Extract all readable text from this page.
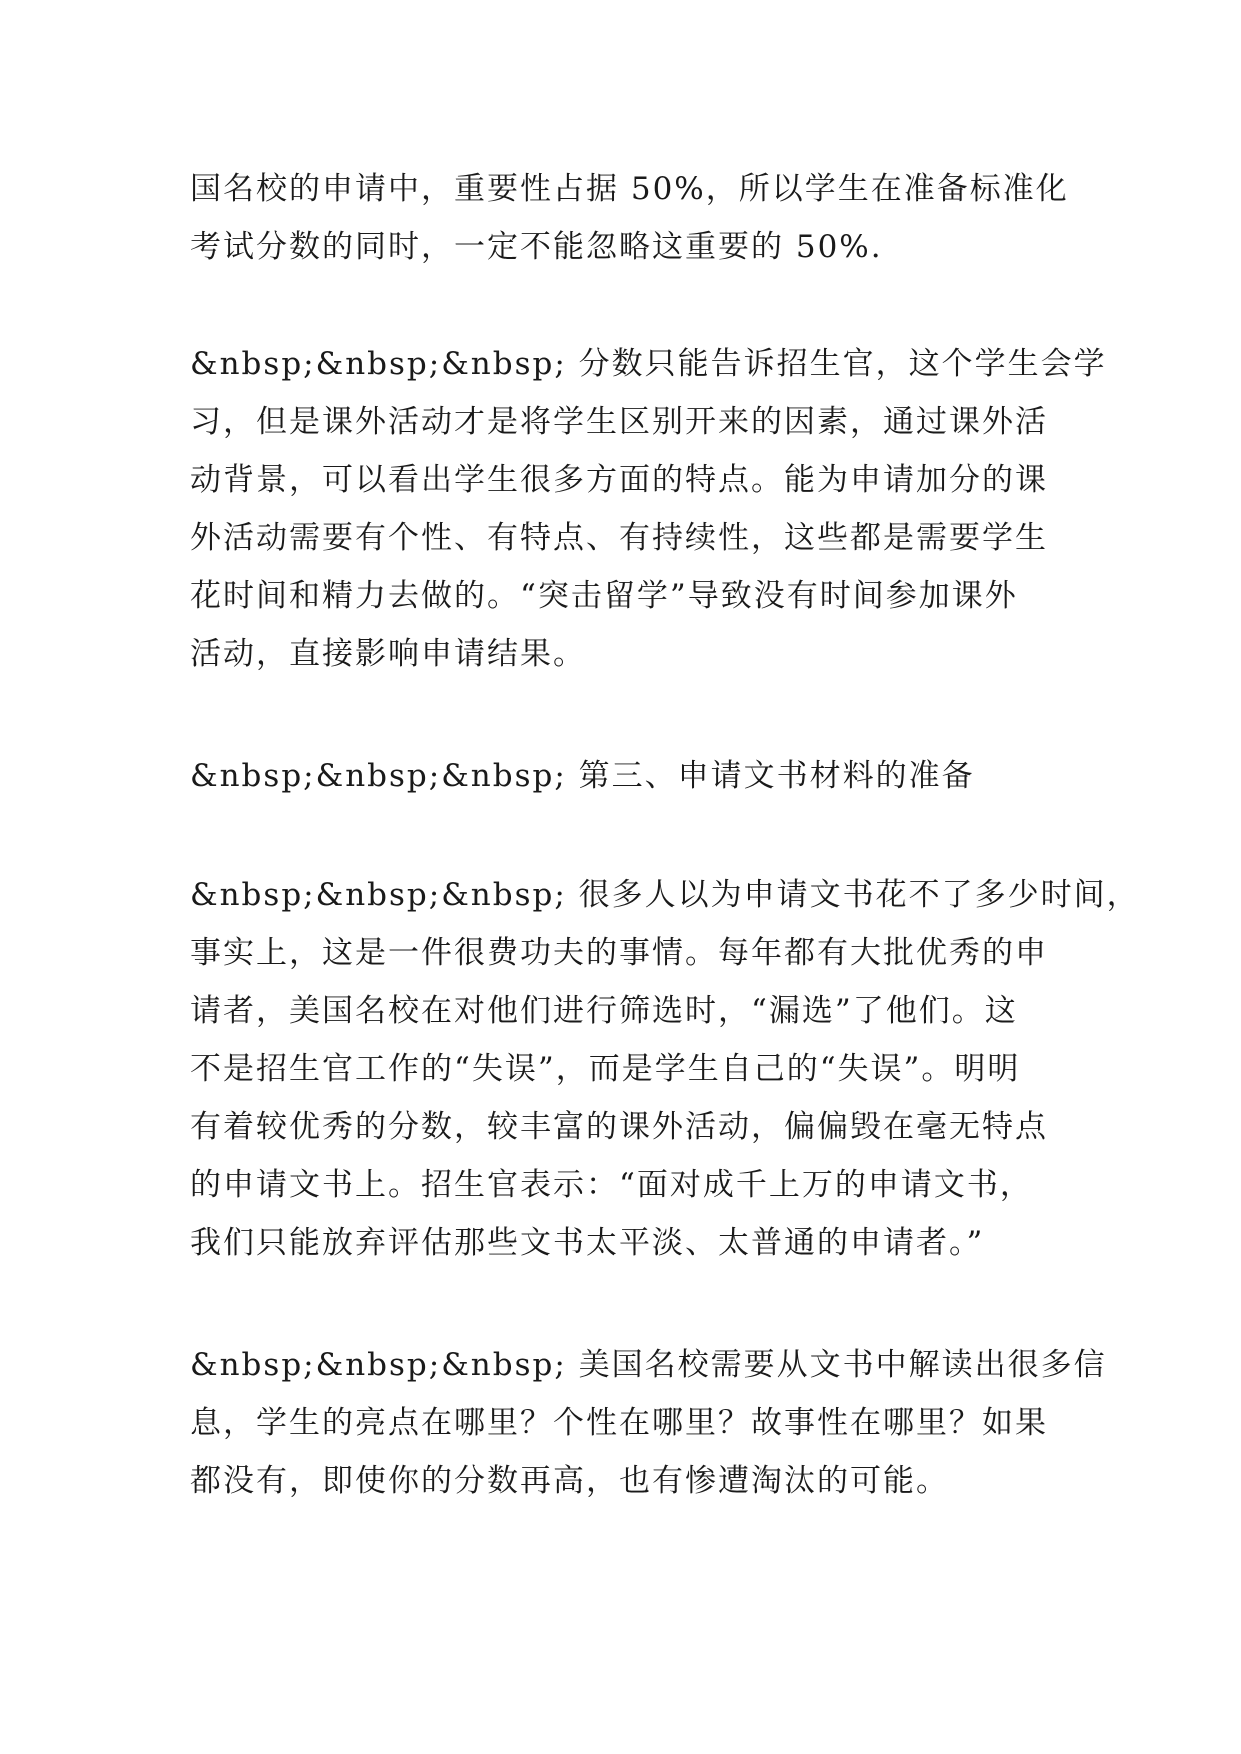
国名校的申请中，重要性占据 50%，所以学生在准备标准化
考试分数的同时，一定不能忽略这重要的 50%.
&nbsp;&nbsp;&nbsp; 分数只能告诉招生官，这个学生会学
习，但是课外活动才是将学生区别开来的因素，通过课外活
动背景，可以看出学生很多方面的特点。能为申请加分的课
外活动需要有个性、有特点、有持续性，这些都是需要学生
花时间和精力去做的。“突击留学”导致没有时间参加课外
活动，直接影响申请结果。
&nbsp;&nbsp;&nbsp; 第三、申请文书材料的准备
&nbsp;&nbsp;&nbsp; 很多人以为申请文书花不了多少时间，
事实上，这是一件很费功夫的事情。每年都有大批优秀的申
请者，美国名校在对他们进行筛选时，“漏选”了他们。这
不是招生官工作的“失误”，而是学生自己的“失误”。明明
有着较优秀的分数，较丰富的课外活动，偏偏毁在毫无特点
的申请文书上。招生官表示：“面对成千上万的申请文书，
我们只能放弃评估那些文书太平淡、太普通的申请者。”
&nbsp;&nbsp;&nbsp; 美国名校需要从文书中解读出很多信
息，学生的亮点在哪里？个性在哪里？故事性在哪里？如果
都没有，即使你的分数再高，也有惨遭淘汰的可能。
